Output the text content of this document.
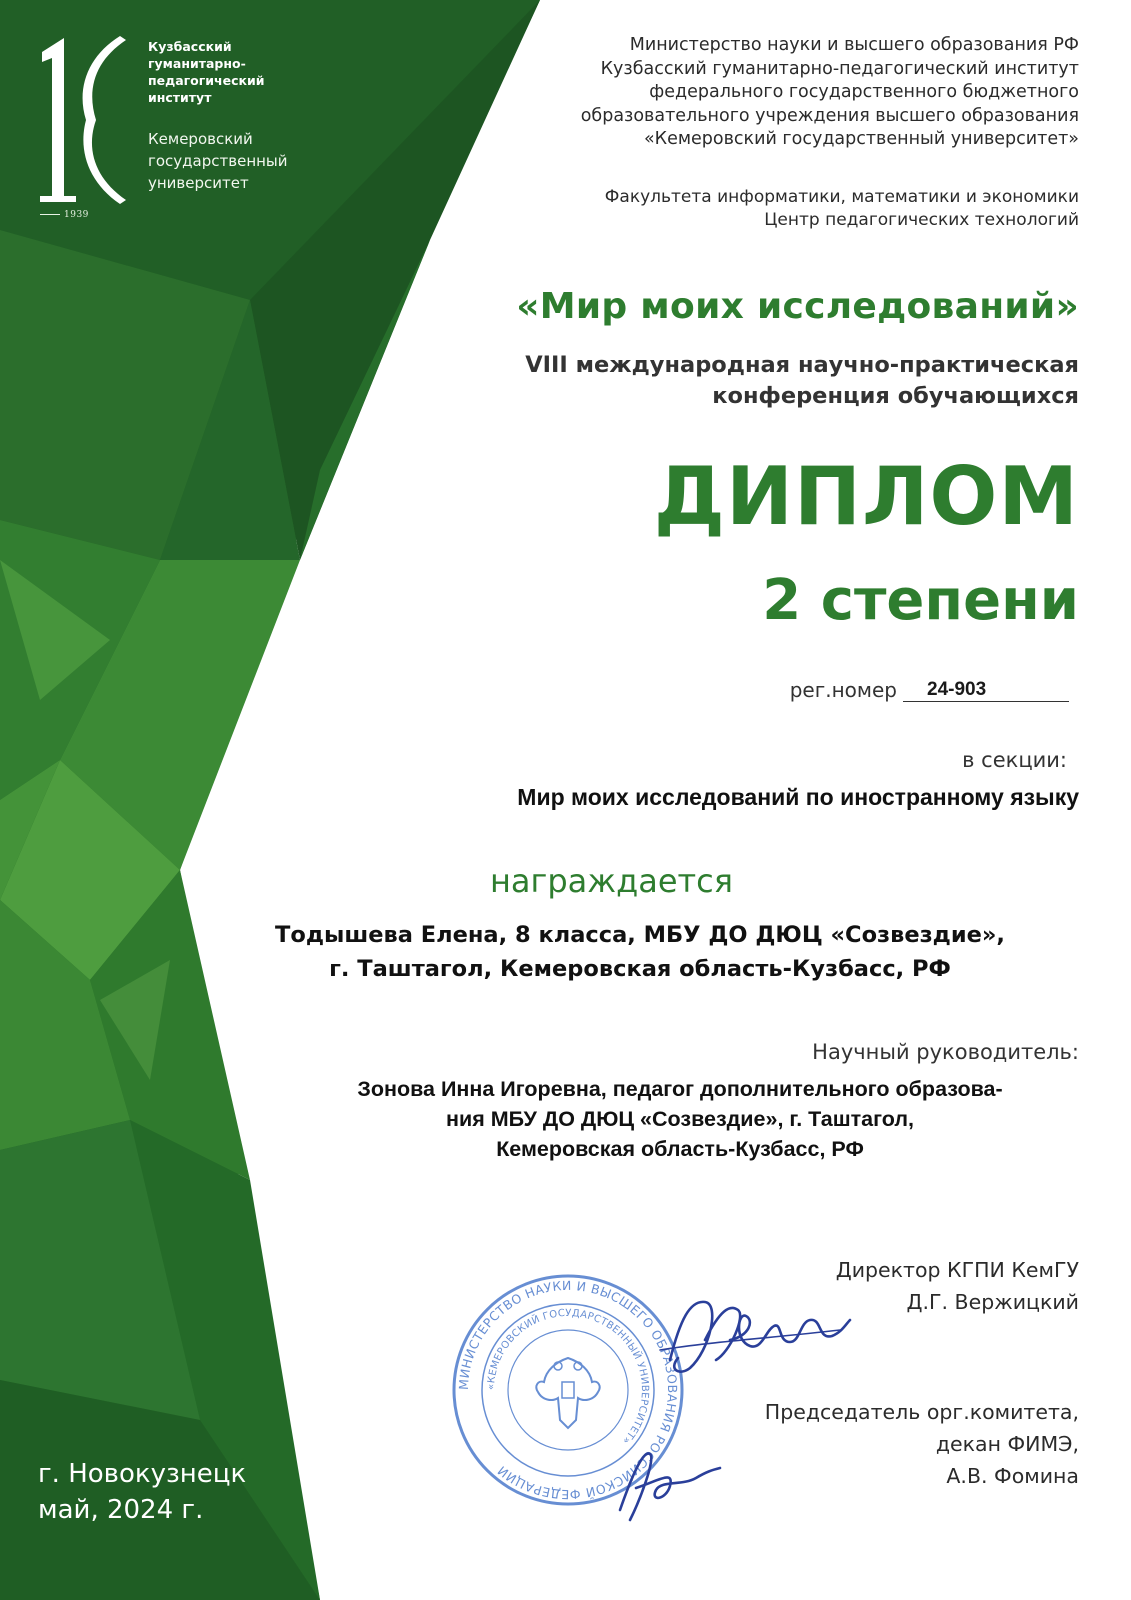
1939
Кузбасский
гуманитарно-
педагогический
институт
Кемеровский
государственный
университет
Министерство науки и высшего образования РФ
Кузбасский гуманитарно-педагогический институт
федерального государственного бюджетного
образовательного учреждения высшего образования
«Кемеровский государственный университет»
Факультета информатики, математики и экономики
Центр педагогических технологий
«Мир моих исследований»
VIII международная научно-практическая
конференция обучающихся
ДИПЛОМ
2 степени
рег.номер 24-903
в секции:
Мир моих исследований по иностранному языку
награждается
Тодышева Елена, 8 класса, МБУ ДО ДЮЦ «Созвездие»,
г. Таштагол, Кемеровская область-Кузбасс, РФ
Научный руководитель:
Зонова Инна Игоревна, педагог дополнительного образова-
ния МБУ ДО ДЮЦ «Созвездие», г. Таштагол,
Кемеровская область-Кузбасс, РФ
Директор КГПИ КемГУ
Д.Г. Вержицкий
Председатель орг.комитета,
декан ФИМЭ,
А.В. Фомина
МИНИСТЕРСТВО НАУКИ И ВЫСШЕГО ОБРАЗОВАНИЯ РОССИЙСКОЙ ФЕДЕРАЦИИ
«КЕМЕРОВСКИЙ ГОСУДАРСТВЕННЫЙ УНИВЕРСИТЕТ»
г. Новокузнецк
май, 2024 г.
